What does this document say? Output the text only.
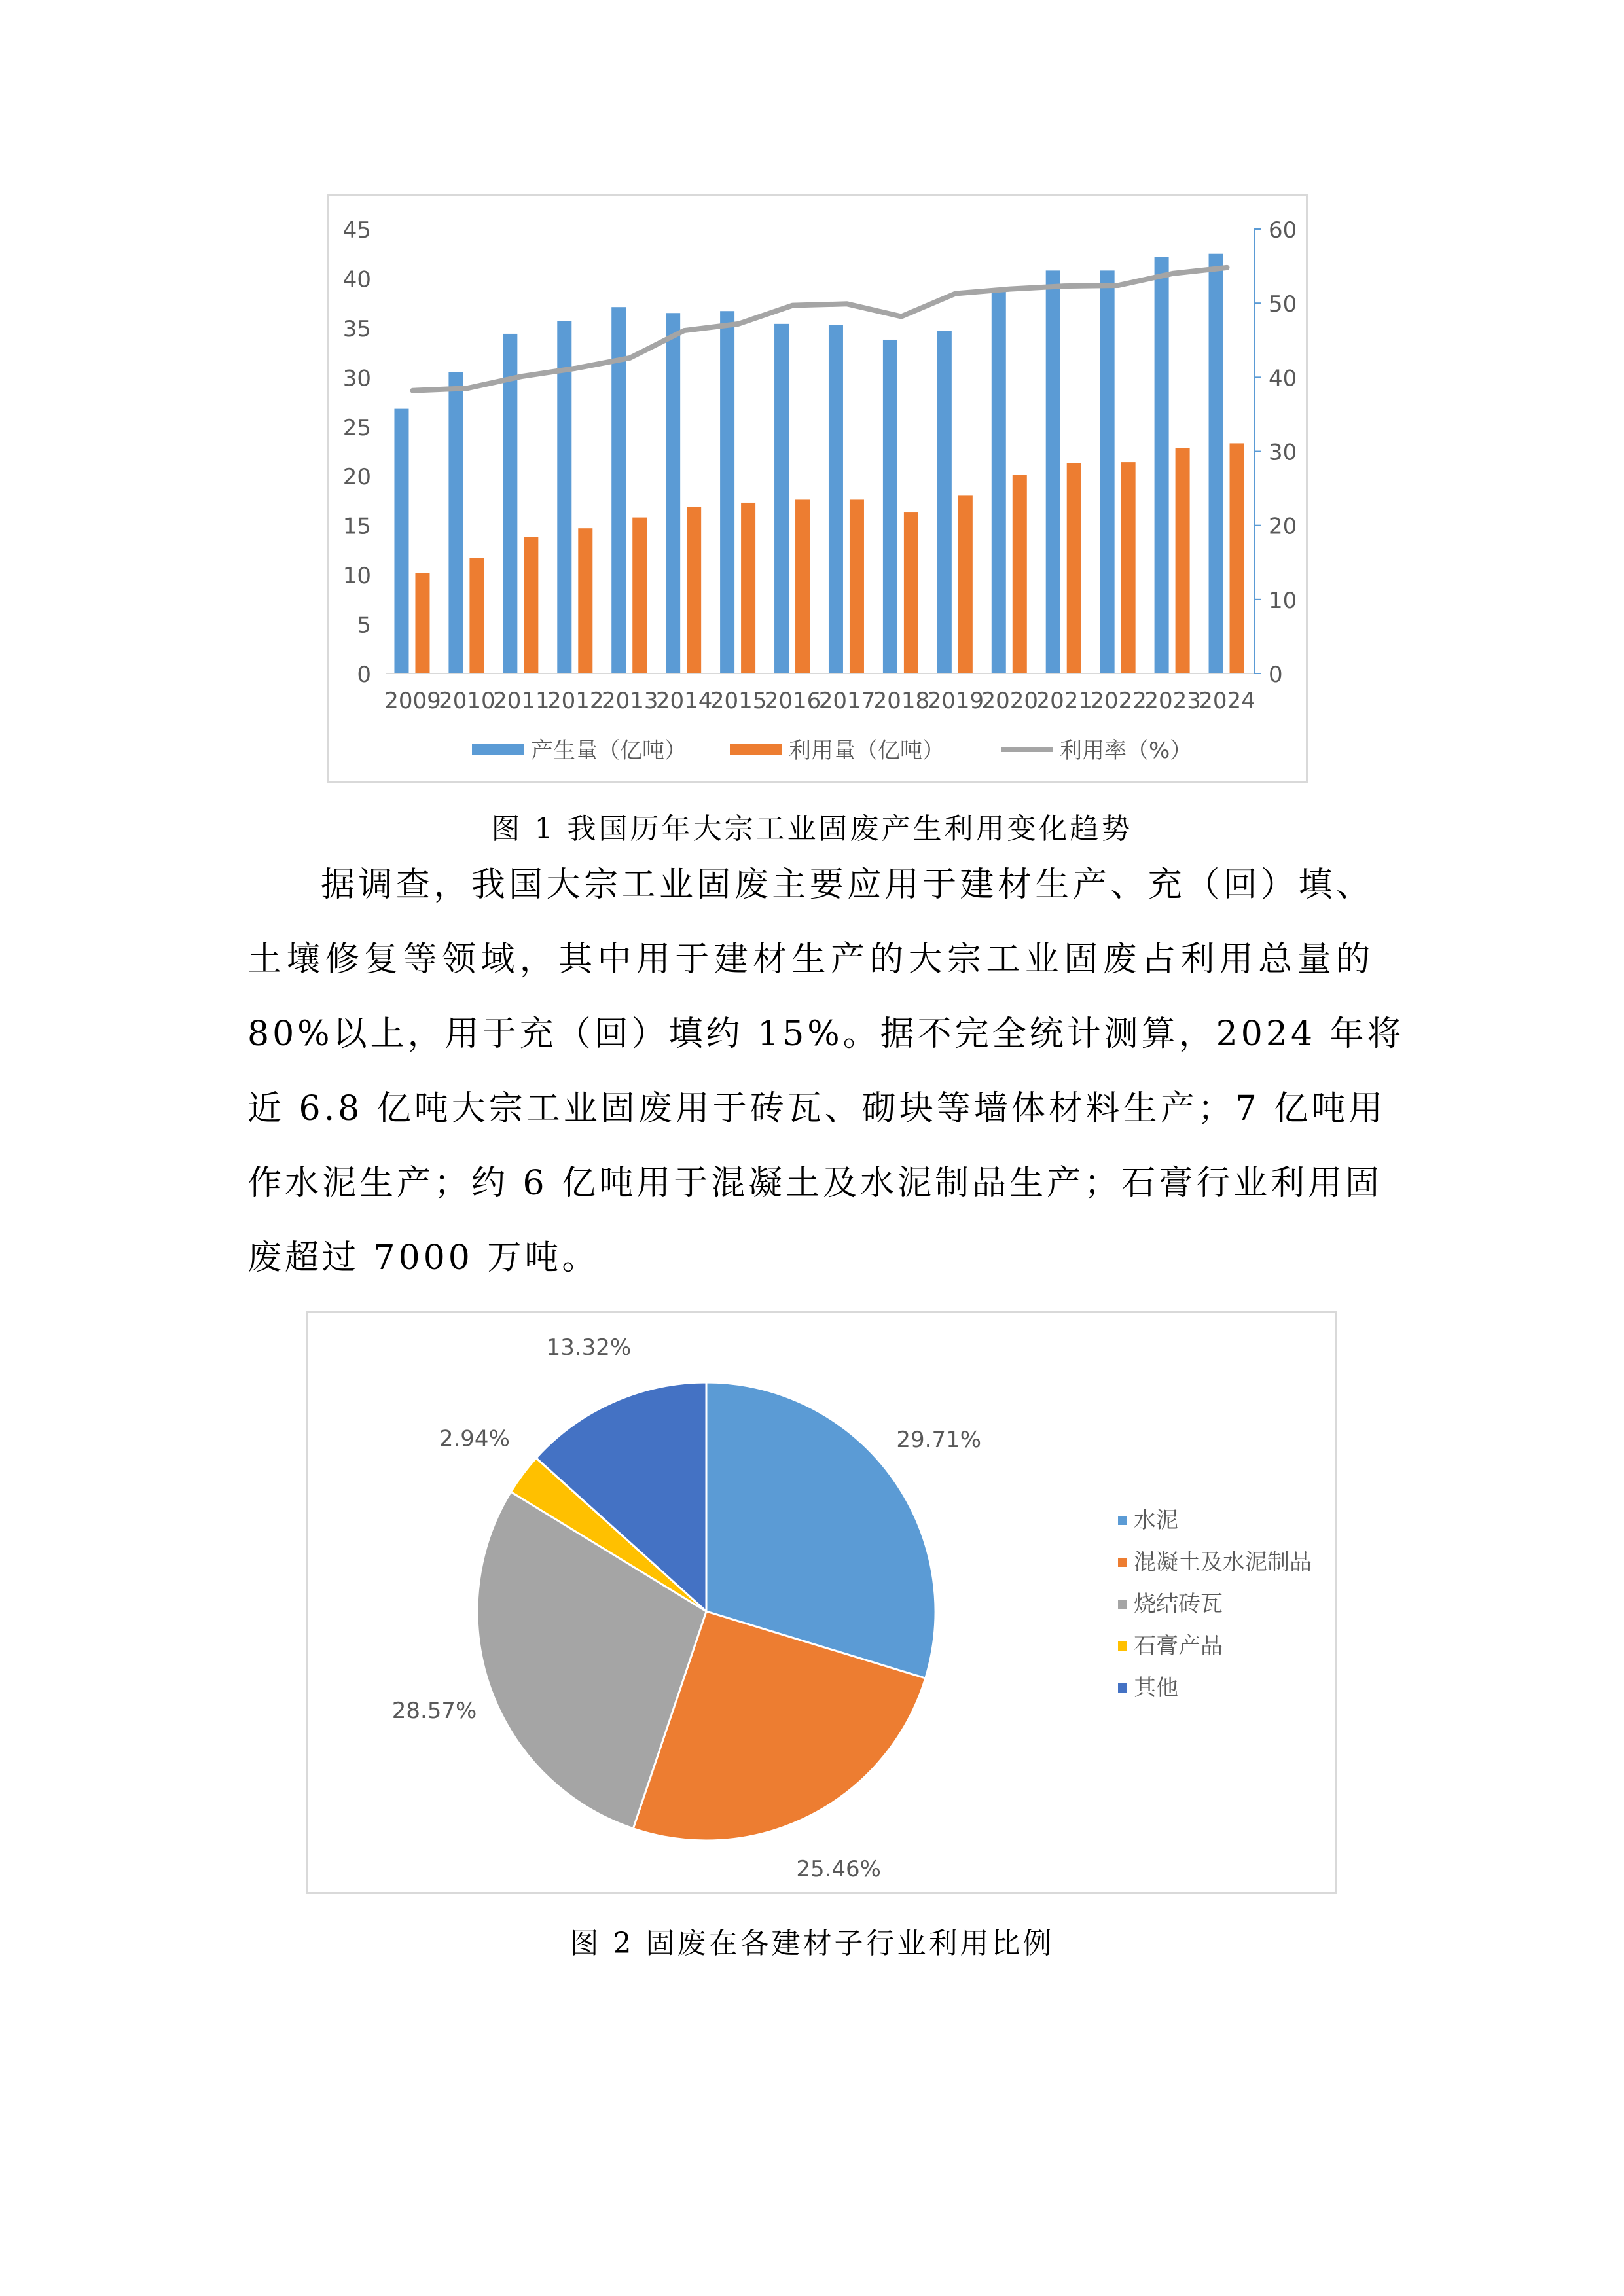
0
5
10
15
20
25
30
35
40
45
0
10
20
30
40
50
60
2009
2010
2011
2012
2013
2014
2015
2016
2017
2018
2019
2020
2021
2022
2023
2024
产生量（亿吨）	利用量（亿吨）	利用率（%）
图 1 我国历年大宗工业固废产生利用变化趋势

据调查，我国大宗工业固废主要应用于建材生产、充（回）填、

土壤修复等领域，其中用于建材生产的大宗工业固废占利用总量的

80%以上，用于充（回）填约 15%。据不完全统计测算，2024 年将

近 6.8 亿吨大宗工业固废用于砖瓦、砌块等墙体材料生产；7 亿吨用

作水泥生产；约 6 亿吨用于混凝土及水泥制品生产；石膏行业利用固

废超过 7000 万吨。

29.71%
25.46%
28.57%
2.94%
13.32%
水泥
混凝土及水泥制品
烧结砖瓦
石膏产品
其他
图 2 固废在各建材子行业利用比例
